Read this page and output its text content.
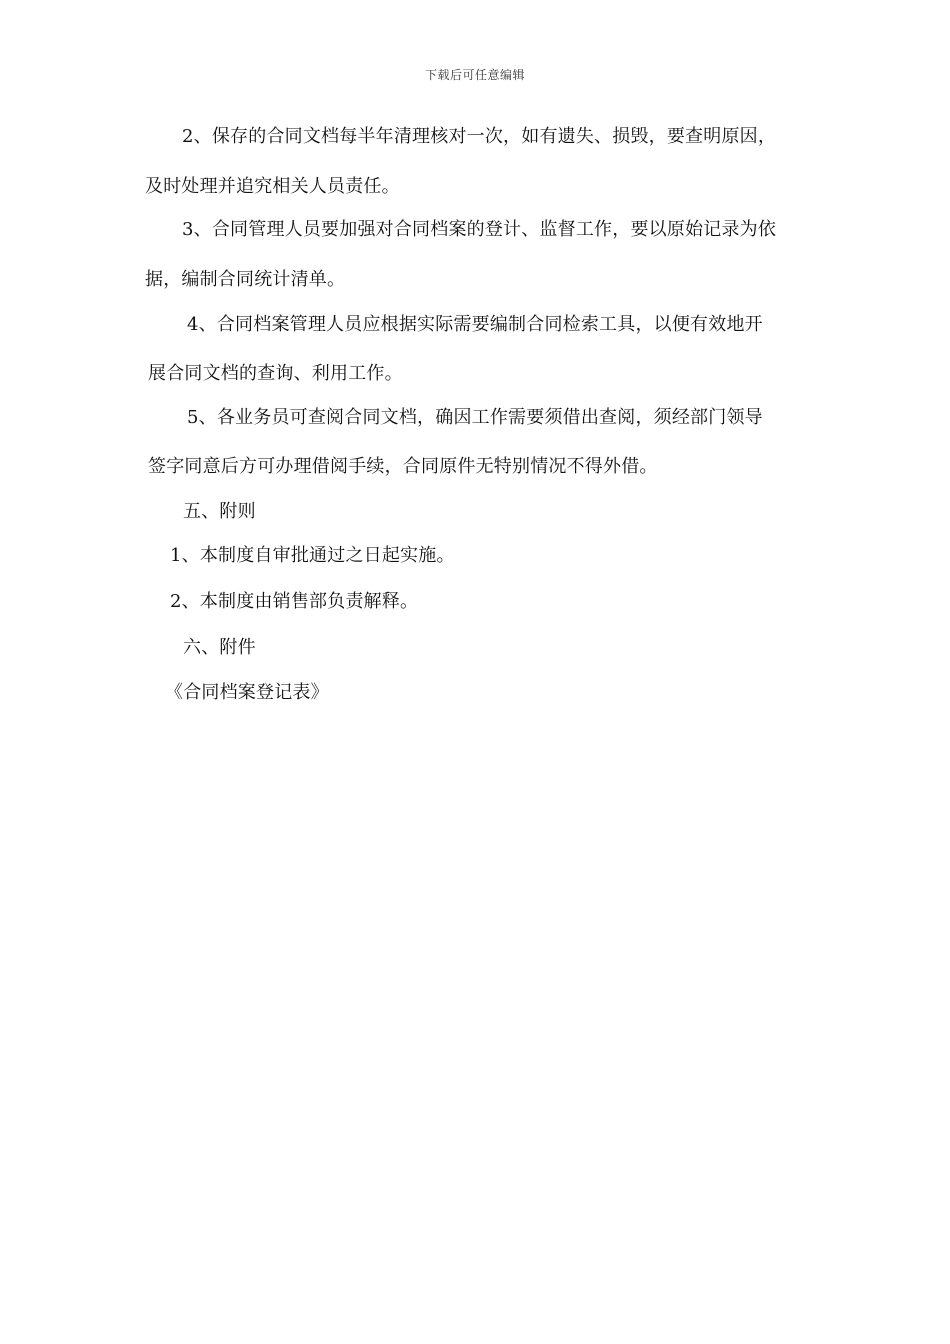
下载后可任意编辑
2、保存的合同文档每半年清理核对一次，如有遗失、损毁，要查明原因，
及时处理并追究相关人员责任。
3、合同管理人员要加强对合同档案的登计、监督工作，要以原始记录为依
据，编制合同统计清单。
4、合同档案管理人员应根据实际需要编制合同检索工具，以便有效地开
展合同文档的查询、利用工作。
5、各业务员可查阅合同文档，确因工作需要须借出查阅，须经部门领导
签字同意后方可办理借阅手续，合同原件无特别情况不得外借。
五、附则
1、本制度自审批通过之日起实施。
2、本制度由销售部负责解释。
六、附件
《合同档案登记表》
